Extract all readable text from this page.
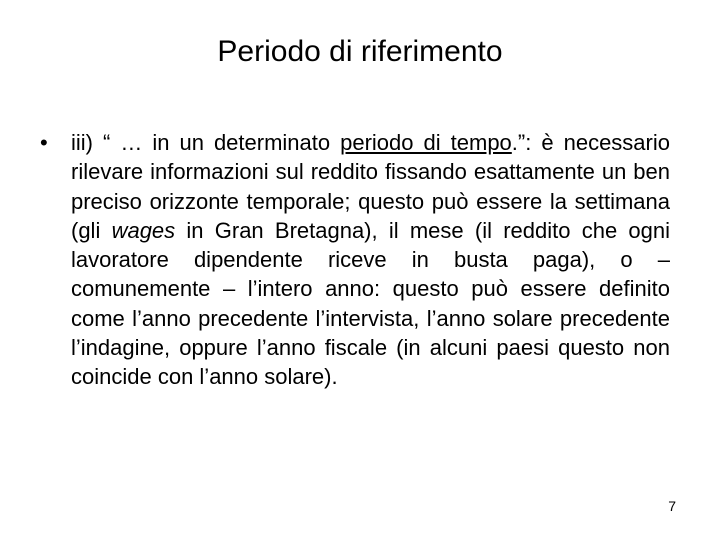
Periodo di riferimento
• iii) “ … in un determinato periodo di tempo.”: è necessario rilevare informazioni sul reddito fissando esattamente un ben preciso orizzonte temporale; questo può essere la settimana (gli wages in Gran Bretagna), il mese (il reddito che ogni lavoratore dipendente riceve in busta paga), o – comunemente – l’intero anno: questo può essere definito come l’anno precedente l’intervista, l’anno solare precedente l’indagine, oppure l’anno fiscale (in alcuni paesi questo non coincide con l’anno solare).
7
